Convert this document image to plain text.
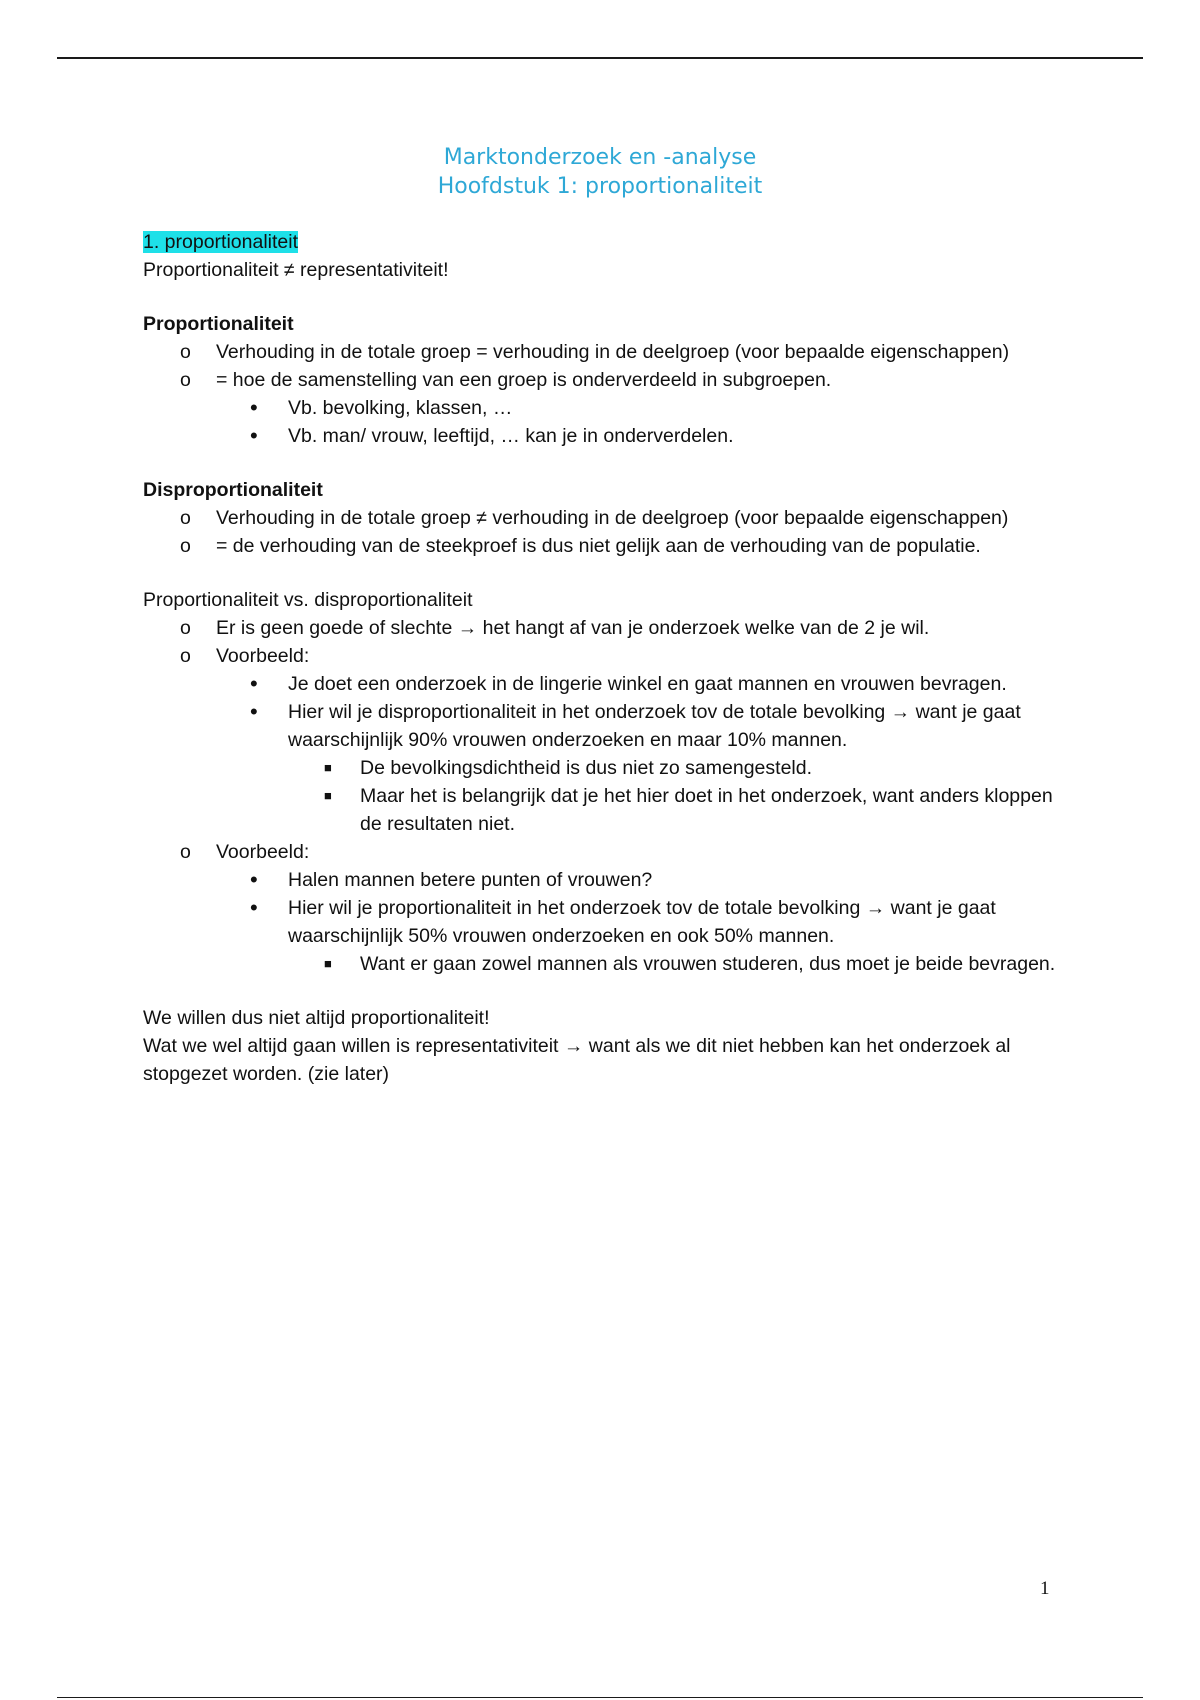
Marktonderzoek en -analyse
Hoofdstuk 1: proportionaliteit
1. proportionaliteit
Proportionaliteit ≠ representativiteit!
Proportionaliteit
o Verhouding in de totale groep = verhouding in de deelgroep (voor bepaalde eigenschappen)
o = hoe de samenstelling van een groep is onderverdeeld in subgroepen.
• Vb. bevolking, klassen, …
• Vb. man/ vrouw, leeftijd, … kan je in onderverdelen.
Disproportionaliteit
o Verhouding in de totale groep ≠ verhouding in de deelgroep (voor bepaalde eigenschappen)
o = de verhouding van de steekproef is dus niet gelijk aan de verhouding van de populatie.
Proportionaliteit vs. disproportionaliteit
o Er is geen goede of slechte → het hangt af van je onderzoek welke van de 2 je wil.
o Voorbeeld:
• Je doet een onderzoek in de lingerie winkel en gaat mannen en vrouwen bevragen.
• Hier wil je disproportionaliteit in het onderzoek tov de totale bevolking → want je gaat waarschijnlijk 90% vrouwen onderzoeken en maar 10% mannen.
■ De bevolkingsdichtheid is dus niet zo samengesteld.
■ Maar het is belangrijk dat je het hier doet in het onderzoek, want anders kloppen de resultaten niet.
o Voorbeeld:
• Halen mannen betere punten of vrouwen?
• Hier wil je proportionaliteit in het onderzoek tov de totale bevolking → want je gaat waarschijnlijk 50% vrouwen onderzoeken en ook 50% mannen.
■ Want er gaan zowel mannen als vrouwen studeren, dus moet je beide bevragen.
We willen dus niet altijd proportionaliteit!
Wat we wel altijd gaan willen is representativiteit → want als we dit niet hebben kan het onderzoek al stopgezet worden. (zie later)
1
